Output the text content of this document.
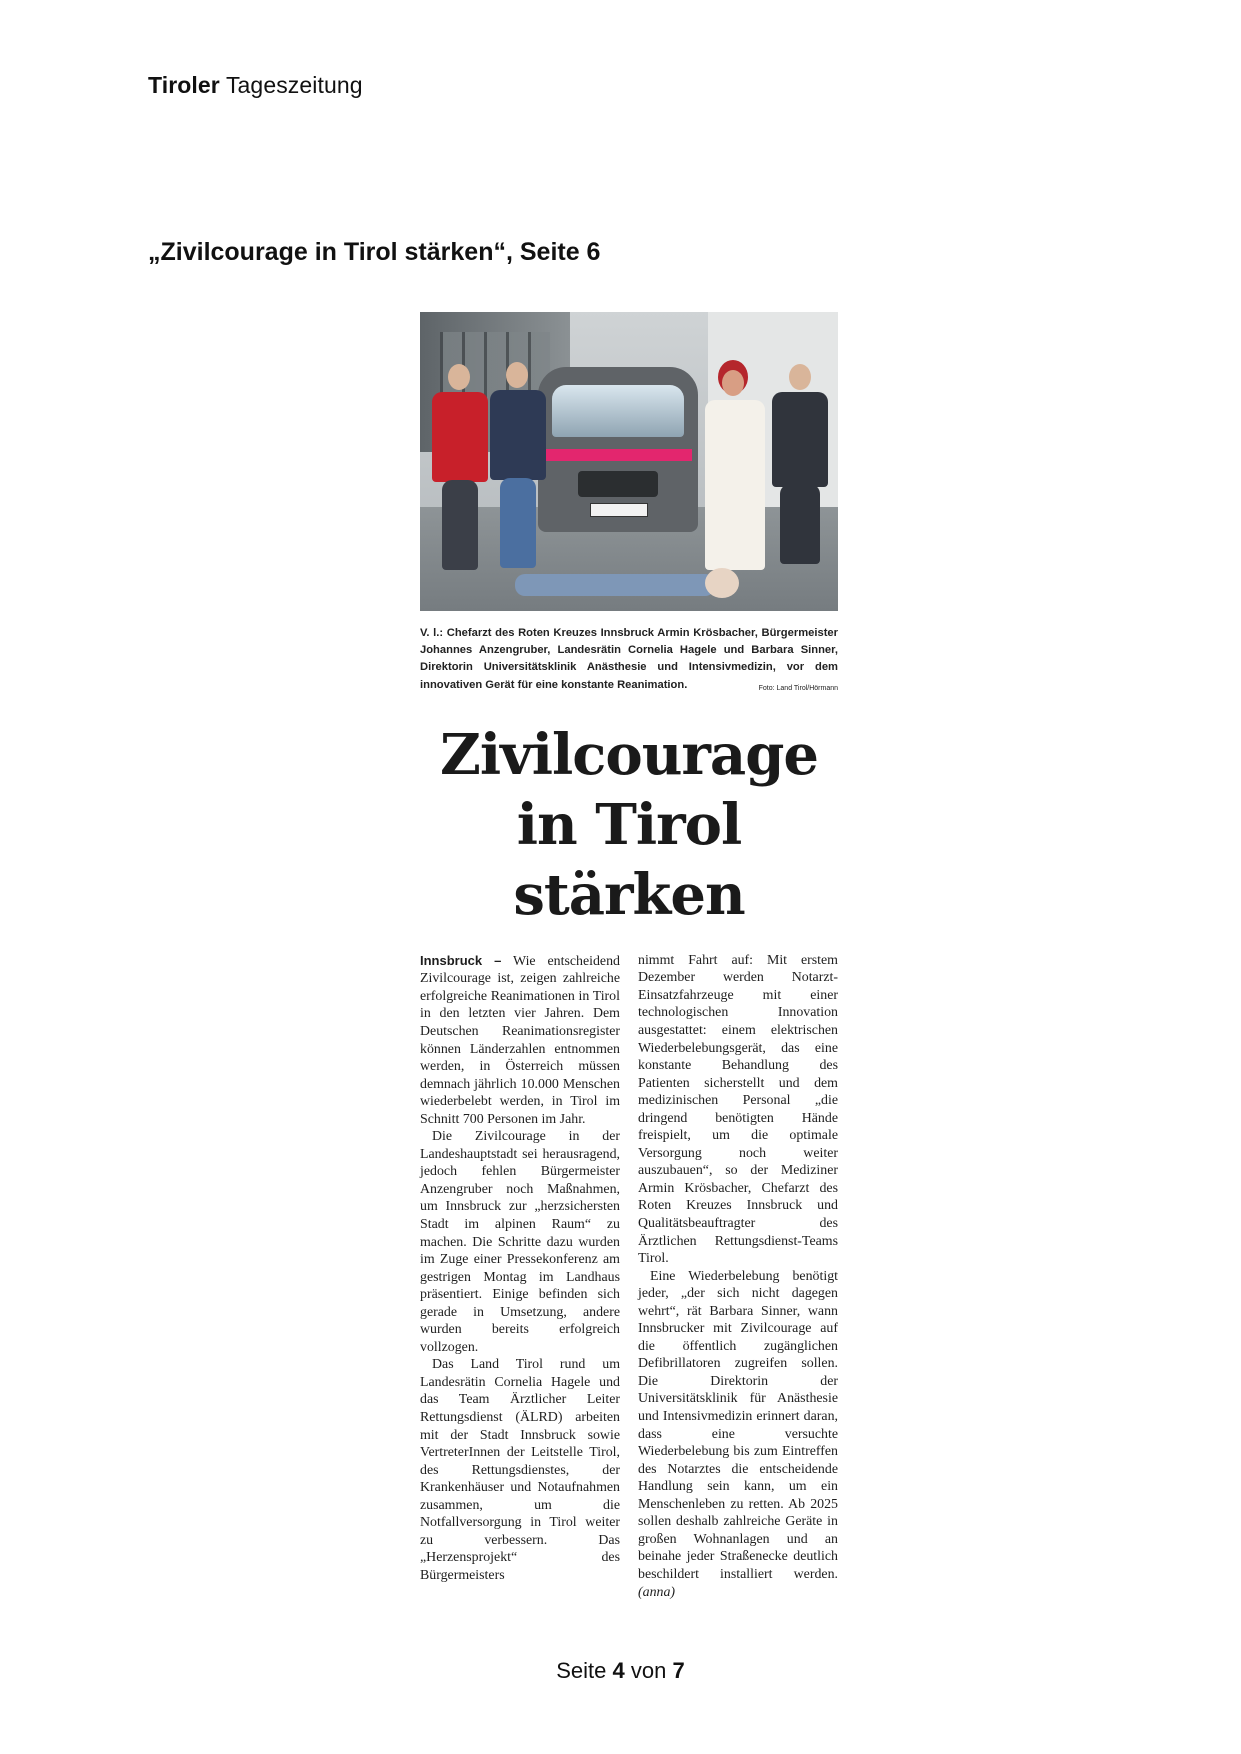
Tiroler Tageszeitung
„Zivilcourage in Tirol stärken“, Seite 6
V. l.: Chefarzt des Roten Kreuzes Innsbruck Armin Krösbacher, Bürgermeister Johannes Anzengruber, Landesrätin Cornelia Hagele und Barbara Sinner, Direktorin Universitätsklinik Anästhesie und Intensivmedizin, vor dem innovativen Gerät für eine konstante Reanimation.	Foto: Land Tirol/Hörmann
Zivilcourage in Tirol stärken

Innsbruck – Wie entscheidend Zivilcourage ist, zeigen zahlreiche erfolgreiche Reanimationen in Tirol in den letzten vier Jahren. Dem Deutschen Reanimationsregister können Länderzahlen entnommen werden, in Österreich müssen demnach jährlich 10.000 Menschen wiederbelebt werden, in Tirol im Schnitt 700 Personen im Jahr.

Die Zivilcourage in der Landeshauptstadt sei herausragend, jedoch fehlen Bürgermeister Anzengruber noch Maßnahmen, um Innsbruck zur „herzsichersten Stadt im alpinen Raum“ zu machen. Die Schritte dazu wurden im Zuge einer Pressekonferenz am gestrigen Montag im Landhaus präsentiert. Einige befinden sich gerade in Umsetzung, andere wurden bereits erfolgreich vollzogen.

Das Land Tirol rund um Landesrätin Cornelia Hagele und das Team Ärztlicher Leiter Rettungsdienst (ÄLRD) arbeiten mit der Stadt Innsbruck sowie VertreterInnen der Leitstelle Tirol, des Rettungsdienstes, der Krankenhäuser und Notaufnahmen zusammen, um die Notfallversorgung in Tirol weiter zu verbessern. Das „Herzensprojekt“ des Bürgermeisters

nimmt Fahrt auf: Mit erstem Dezember werden Notarzt-Einsatzfahrzeuge mit einer technologischen Innovation ausgestattet: einem elektrischen Wiederbelebungsgerät, das eine konstante Behandlung des Patienten sicherstellt und dem medizinischen Personal „die dringend benötigten Hände freispielt, um die optimale Versorgung noch weiter auszubauen“, so der Mediziner Armin Krösbacher, Chefarzt des Roten Kreuzes Innsbruck und Qualitätsbeauftragter des Ärztlichen Rettungsdienst-Teams Tirol.

Eine Wiederbelebung benötigt jeder, „der sich nicht dagegen wehrt“, rät Barbara Sinner, wann Innsbrucker mit Zivilcourage auf die öffentlich zugänglichen Defibrillatoren zugreifen sollen. Die Direktorin der Universitätsklinik für Anästhesie und Intensivmedizin erinnert daran, dass eine versuchte Wiederbelebung bis zum Eintreffen des Notarztes die entscheidende Handlung sein kann, um ein Menschenleben zu retten. Ab 2025 sollen deshalb zahlreiche Geräte in großen Wohnanlagen und an beinahe jeder Straßenecke deutlich beschildert installiert werden. (anna)

Seite 4 von 7
